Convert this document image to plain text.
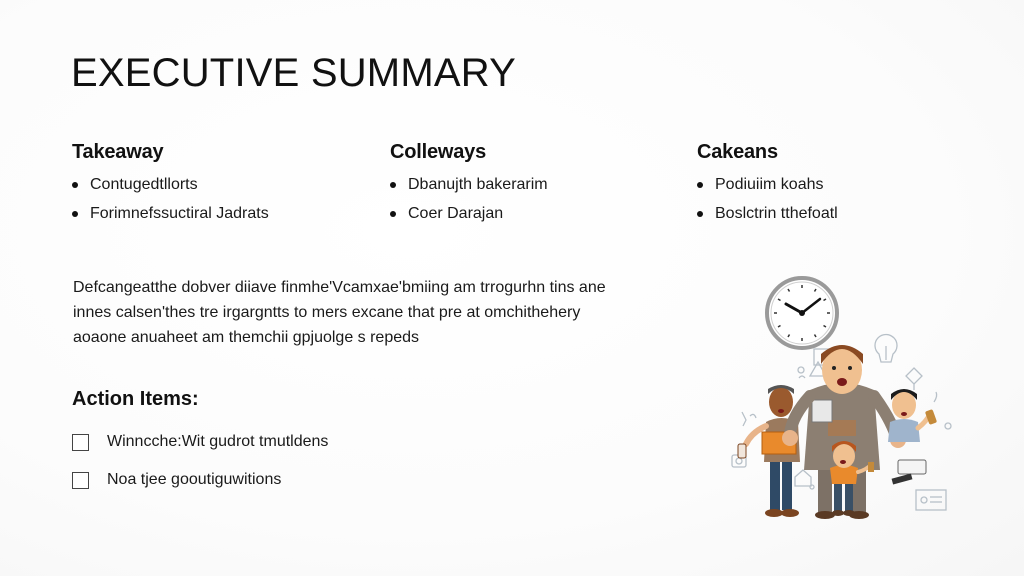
EXECUTIVE SUMMARY
Takeaway
Contugedtllorts
Forimnefssuctiral Jadrats
Colleways
Dbanujth bakerarim
Coer Darajan
Cakeans
Podiuiim koahs
Boslctrin tthefoatl

Defcangeatthe dobver diiave finmhe'Vcamxae'bmiing am trrogurhn tins ane
innes calsen'thes tre irgargntts to mers excane that pre at omchithehery
aoaone anuaheet am themchii gpjuolge s repeds

Action Items:
Winncche:Wit gudrot tmutldens
Noa tjee gooutiguwitions
